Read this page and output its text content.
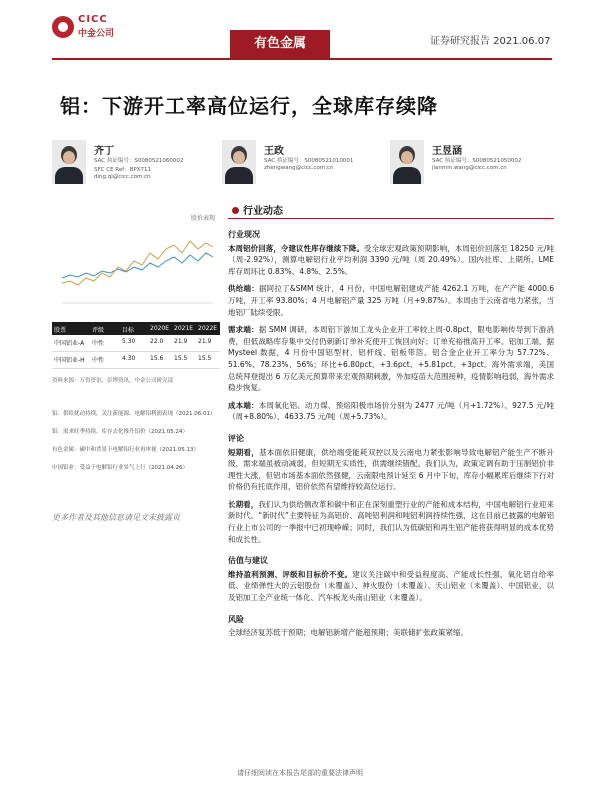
CICC
中金公司
有色金属	证券研究报告 2021.06.07
铝：下游开工率高位运行，全球库存续降
齐丁
SAC 执证编号：S0080521060002
SFC CE Ref：BPX711
ding.qi@cicc.com.cn
王政
SAC 执证编号：S0080521010001
zhengwang@cicc.com.cn
王昱涵
SAC 执证编号：S0080521050002
jianmin.wang@cicc.com.cn
股价表现
股票	评级	目标	2020E 2021E 2022E
中国铝业-A 中性	5.30 22.0 21.9 21.9
中国铝业-H 中性	4.30 15.6 15.5 15.5
资料来源：万得资讯，彭博资讯，中金公司研究部
铝：供给扰动持续，关注新能源、电解铝利润表现（2021.06.01）
铝：需求旺季持续，库存去化推升铝价（2021.05.24）
有色金属：碳中和背景下电解铝行业再审视（2021.05.13）
中国铝业：受益于电解铝行业景气上行（2021.04.26）
更多作者及其他信息请见文末披露页
行业动态
行业现况

本周铝价回落，令建议性库存继续下降。受全球宏观政策预期影响，本周铝价回落至 18250 元/吨（周-2.92%），测算电解铝行业平均利润 3390 元/吨（周 20.49%）。国内社库、上期所、LME 库存周环比 0.83%、4.8%、2.5%。

供给端：据阿拉丁&SMM 统计，4 月份，中国电解铝建成产能 4262.1 万吨，在产产能 4000.6 万吨，开工率 93.80%；4 月电解铝产量 325 万吨（月+9.87%）。本周由于云南省电力紧张，当地铝厂陆续受限。

需求端：据 SMM 调研，本周铝下游加工龙头企业开工率较上周-0.8pct，限电影响传导到下游消费，但低战略库存集中交付仍刺新订单补充使开工恢回向好；订单充裕推高开工率。铝加工端，据 Mysteel 数据，4 月份中国铝型材、铝杆线、铝板带箔、铝合金企业开工率分为 57.72%、51.6%、78.23%、56%；环比+6.80pct、+3.6pct、+5.81pct、+3pct。海外需求端，美国总统拜登提出 6 万亿美元预算带来宏观预期刺激，外加疫苗大范围接种，疫情影响趋弱，海外需求稳步恢复。

成本端：本周氧化铝、动力煤、预焙阳极市场价分别为 2477 元/吨（月+1.72%）、927.5 元/吨（周+8.80%）、4633.75 元/吨（周+5.73%）。

评论

短期看，基本面依旧健康，供给端受能耗双控以及云南电力紧张影响导致电解铝产能生产不断升级，需求端虽被动减弱，但短期无实质性，供需继续错配。我们认为，政策定调有助于压制铝价非理性大涨，但铝市场基本面依然强健，云南限电预计延至 6 月中下旬，库存小幅累库后继续下行对价格仍有托底作用，铝价依然有望维持较高位运行。

长期看，我们认为供给侧改革和碳中和正在深刻重塑行业的产能和成本结构，中国电解铝行业迎来新时代。“新时代”主要特征为高铝价、高吨铝利润和吨铝利润持续性强，这在目前已披露的电解铝行业上市公司的一季报中已初现峥嵘；同时，我们认为低碳铝和再生铝产能将获得明显的成本优势和成长性。

估值与建议

维持盈利预测、评级和目标价不变。建议关注碳中和受益程度高、产能成长性强、氧化铝自给率低、业绩弹性大的云铝股份（未覆盖）、神火股份（未覆盖）、天山铝业（未覆盖）、中国铝业，以及铝加工全产业统一体化、汽车板龙头南山铝业（未覆盖）。

风险

全球经济复苏低于预期；电解铝新增产能超预期；美联储扩张政策紧缩。

请仔细阅读在本报告尾部的重要法律声明
